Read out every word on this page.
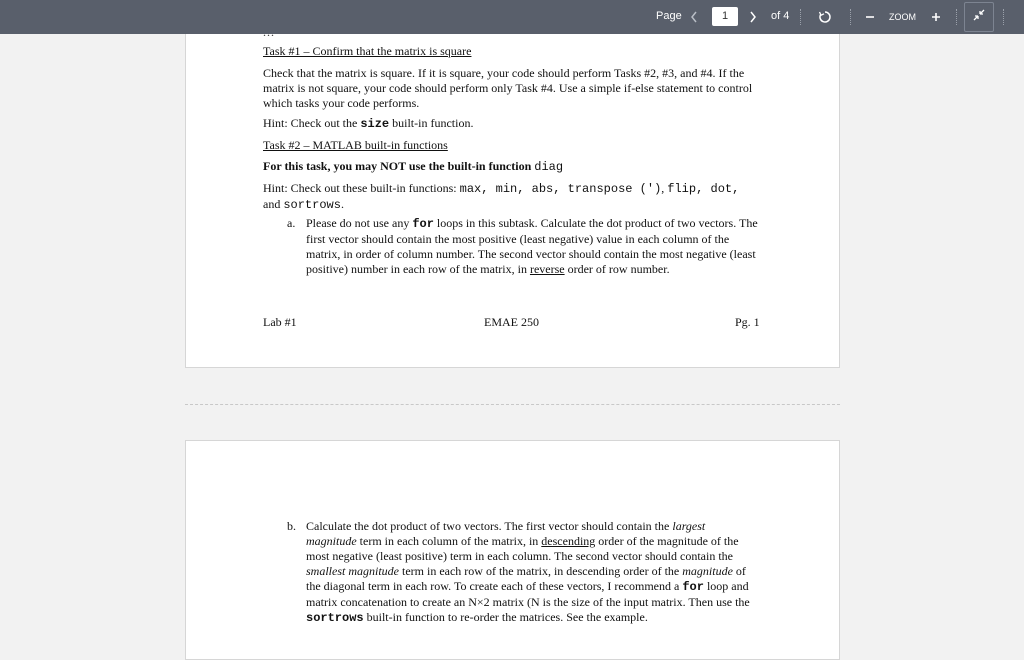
Page	1	of 4	ZOOM
...
Task #1 – Confirm that the matrix is square
Check that the matrix is square. If it is square, your code should perform Tasks #2, #3, and #4. If the matrix is not square, your code should perform only Task #4. Use a simple if-else statement to control which tasks your code performs.
Hint: Check out the size built-in function.
Task #2 – MATLAB built-in functions
For this task, you may NOT use the built-in function diag
Hint: Check out these built-in functions: max, min, abs, transpose ('), flip, dot,
and sortrows.
a. Please do not use any for loops in this subtask. Calculate the dot product of two vectors. The first vector should contain the most positive (least negative) value in each column of the matrix, in order of column number. The second vector should contain the most negative (least positive) number in each row of the matrix, in reverse order of row number.
Lab #1	EMAE 250	Pg. 1
b. Calculate the dot product of two vectors. The first vector should contain the largest magnitude term in each column of the matrix, in descending order of the magnitude of the most negative (least positive) term in each column. The second vector should contain the smallest magnitude term in each row of the matrix, in descending order of the magnitude of the diagonal term in each row. To create each of these vectors, I recommend a for loop and matrix concatenation to create an N×2 matrix (N is the size of the input matrix. Then use the sortrows built-in function to re-order the matrices. See the example.
